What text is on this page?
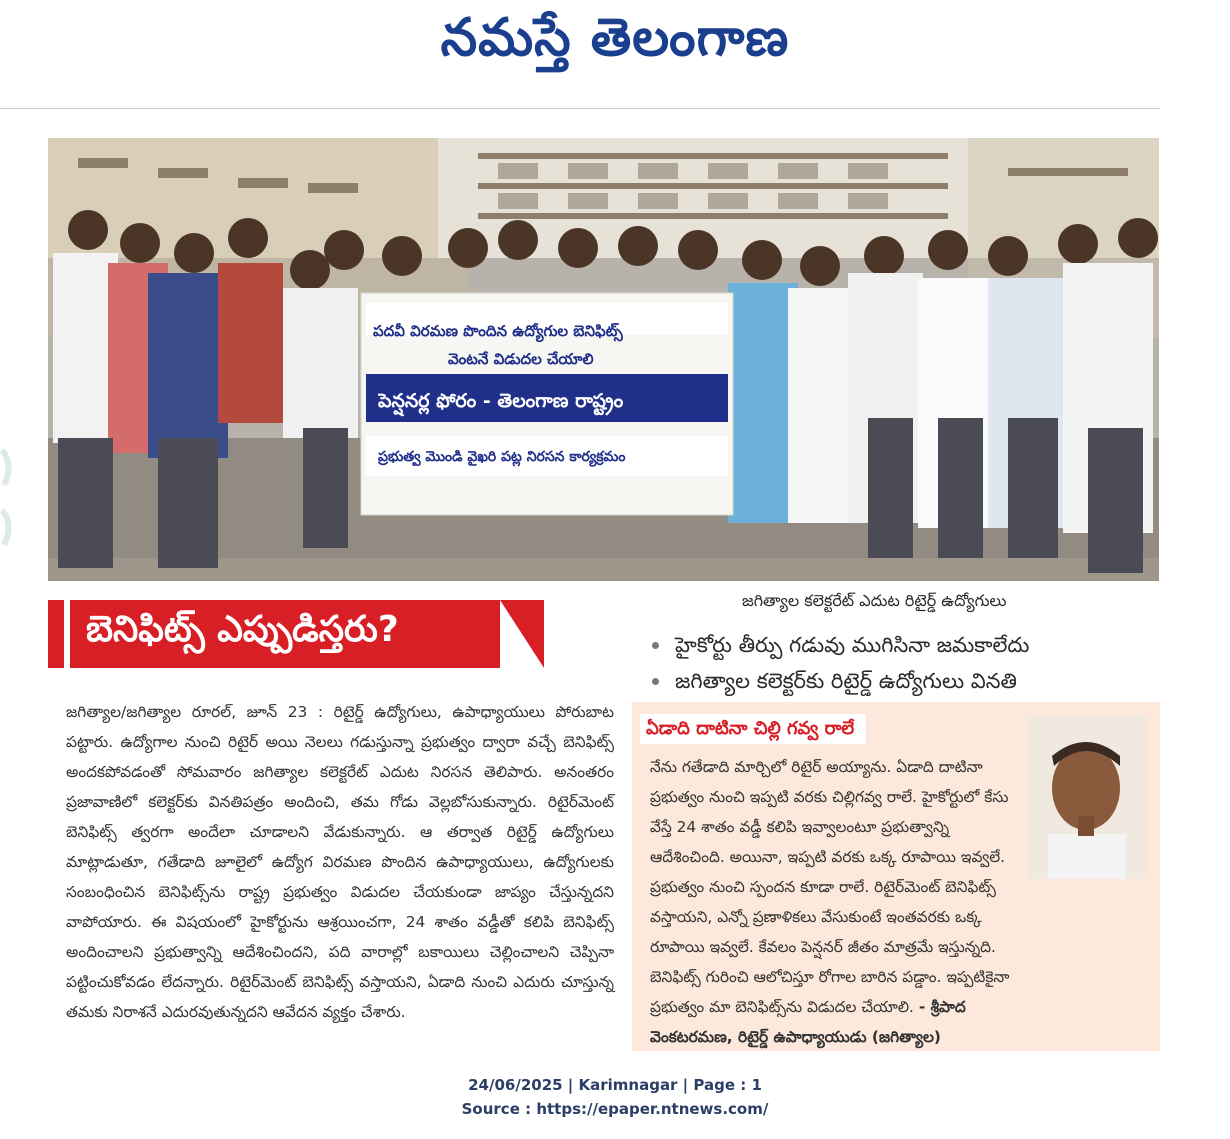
నమస్తే తెలంగాణ
పదవీ విరమణ పొందిన ఉద్యోగుల బెనిఫిట్స్
వెంటనే విడుదల చేయాలి
పెన్షనర్ల ఫోరం - తెలంగాణ రాష్ట్రం
ప్రభుత్వ మొండి వైఖరి పట్ల నిరసన కార్యక్రమం
జగిత్యాల కలెక్టరేట్ ఎదుట రిటైర్డ్ ఉద్యోగులు
బెనిఫిట్స్ ఎప్పుడిస్తరు?	హైకోర్టు తీర్పు గడువు ముగిసినా జమకాలేదు
జగిత్యాల కలెక్టర్‌కు రిటైర్డ్ ఉద్యోగులు వినతి
జగిత్యాల/జగిత్యాల రూరల్, జూన్ 23 : రిటైర్డ్ ఉద్యోగులు, ఉపాధ్యాయులు పోరుబాట పట్టారు. ఉద్యోగాల నుంచి రిటైర్ అయి నెలలు గడుస్తున్నా ప్రభుత్వం ద్వారా వచ్చే బెనిఫిట్స్ అందకపోవడంతో సోమవారం జగిత్యాల కలెక్టరేట్ ఎదుట నిరసన తెలిపారు. అనంతరం ప్రజావాణిలో కలెక్టర్‌కు వినతిపత్రం అందించి, తమ గోడు వెల్లబోసుకున్నారు. రిటైర్‌మెంట్ బెనిఫిట్స్ త్వరగా అందేలా చూడాలని వేడుకున్నారు. ఆ తర్వాత రిటైర్డ్ ఉద్యోగులు మాట్లాడుతూ, గతేడాది జూలైలో ఉద్యోగ విరమణ పొందిన ఉపాధ్యాయులు, ఉద్యోగులకు సంబంధించిన బెనిఫిట్స్‌ను రాష్ట్ర ప్రభుత్వం విడుదల చేయకుండా జాప్యం చేస్తున్నదని వాపోయారు. ఈ విషయంలో హైకోర్టును ఆశ్రయించగా, 24 శాతం వడ్డీతో కలిపి బెనిఫిట్స్ అందించాలని ప్రభుత్వాన్ని ఆదేశించిందని, పది వారాల్లో బకాయిలు చెల్లించాలని చెప్పినా పట్టించుకోవడం లేదన్నారు. రిటైర్‌మెంట్ బెనిఫిట్స్ వస్తాయని, ఏడాది నుంచి ఎదురు చూస్తున్న తమకు నిరాశనే ఎదురవుతున్నదని ఆవేదన వ్యక్తం చేశారు.
ఏడాది దాటినా చిల్లి గవ్వ రాలే
నేను గతేడాది మార్చిలో రిటైర్ అయ్యాను. ఏడాది దాటినా ప్రభుత్వం నుంచి ఇప్పటి వరకు చిల్లిగవ్వ రాలే. హైకోర్టులో కేసు వేస్తే 24 శాతం వడ్డీ కలిపి ఇవ్వాలంటూ ప్రభుత్వాన్ని ఆదేశించింది. అయినా, ఇప్పటి వరకు ఒక్క రూపాయి ఇవ్వలే. ప్రభుత్వం నుంచి స్పందన కూడా రాలే. రిటైర్‌మెంట్ బెనిఫిట్స్ వస్తాయని, ఎన్నో ప్రణాళికలు వేసుకుంటే ఇంతవరకు ఒక్క రూపాయి ఇవ్వలే. కేవలం పెన్షనర్ జీతం మాత్రమే ఇస్తున్నది. బెనిఫిట్స్ గురించి ఆలోచిస్తూ రోగాల బారిన పడ్డాం. ఇప్పటికైనా ప్రభుత్వం మా బెనిఫిట్స్‌ను విడుదల చేయాలి. - శ్రీపాద వెంకటరమణ, రిటైర్డ్ ఉపాధ్యాయుడు (జగిత్యాల)
24/06/2025 | Karimnagar | Page : 1
Source : https://epaper.ntnews.com/
